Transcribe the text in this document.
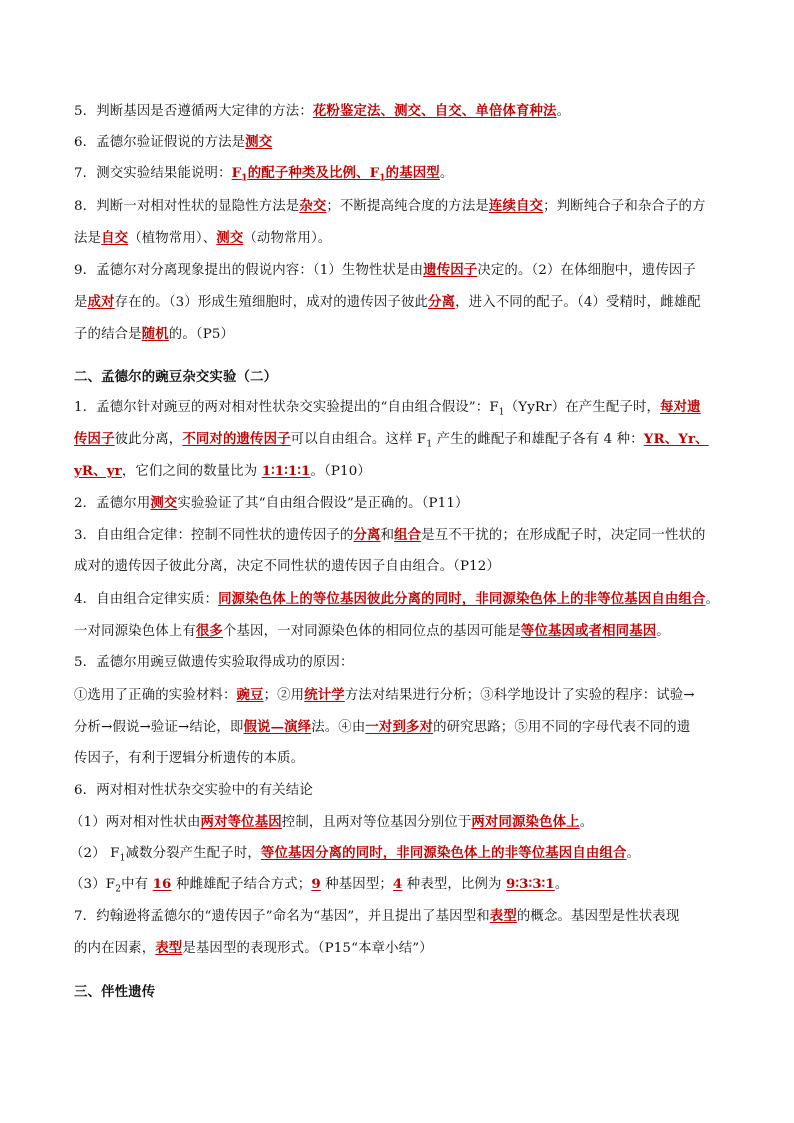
5．判断基因是否遵循两大定律的方法：花粉鉴定法、测交、自交、单倍体育种法。
6．孟德尔验证假说的方法是测交
7．测交实验结果能说明：$F_1$的配子种类及比例、$F_1$的基因型。
8．判断一对相对性状的显隐性方法是杂交；不断提高纯合度的方法是连续自交；判断纯合子和杂合子的方
法是自交（植物常用）、测交（动物常用）。
9．孟德尔对分离现象提出的假说内容：（1）生物性状是由遗传因子决定的。（2）在体细胞中，遗传因子
是成对存在的。（3）形成生殖细胞时，成对的遗传因子彼此分离，进入不同的配子。（4）受精时，雌雄配
子的结合是随机的。（P5）
二、孟德尔的豌豆杂交实验（二）
1．孟德尔针对豌豆的两对相对性状杂交实验提出的“自由组合假设”：$F_1(YyRr)$在产生配子时，每对遗
传因子彼此分离，不同对的遗传因子可以自由组合。这样 $F_1$ 产生的雌配子和雄配子各有 4 种：YR、Yr、
yR、yr，它们之间的数量比为 1∶1∶1∶1。（P10）
2．孟德尔用测交实验验证了其“自由组合假设”是正确的。（P11）
3．自由组合定律：控制不同性状的遗传因子的分离和组合是互不干扰的；在形成配子时，决定同一性状的
成对的遗传因子彼此分离，决定不同性状的遗传因子自由组合。（P12）
4．自由组合定律实质：同源染色体上的等位基因彼此分离的同时，非同源染色体上的非等位基因自由组合。
一对同源染色体上有很多个基因，一对同源染色体的相同位点的基因可能是等位基因或者相同基因。
5．孟德尔用豌豆做遗传实验取得成功的原因：
①选用了正确的实验材料：豌豆；②用统计学方法对结果进行分析；③科学地设计了实验的程序：试验→
分析→假说→验证→结论，即假说—演绎法。④由一对到多对的研究思路；⑤用不同的字母代表不同的遗
传因子，有利于逻辑分析遗传的本质。
6．两对相对性状杂交实验中的有关结论
（1）两对相对性状由两对等位基因控制，且两对等位基因分别位于两对同源染色体上。
（2） $F_1$减数分裂产生配子时，等位基因分离的同时，非同源染色体上的非等位基因自由组合。
$(3)F_2$中有 16 种雌雄配子结合方式；9 种基因型；4 种表型，比例为 9∶3∶3∶1。
7．约翰逊将孟德尔的“遗传因子”命名为“基因”，并且提出了基因型和表型的概念。基因型是性状表现
的内在因素，表型是基因型的表现形式。（P15“本章小结”）
三、伴性遗传
